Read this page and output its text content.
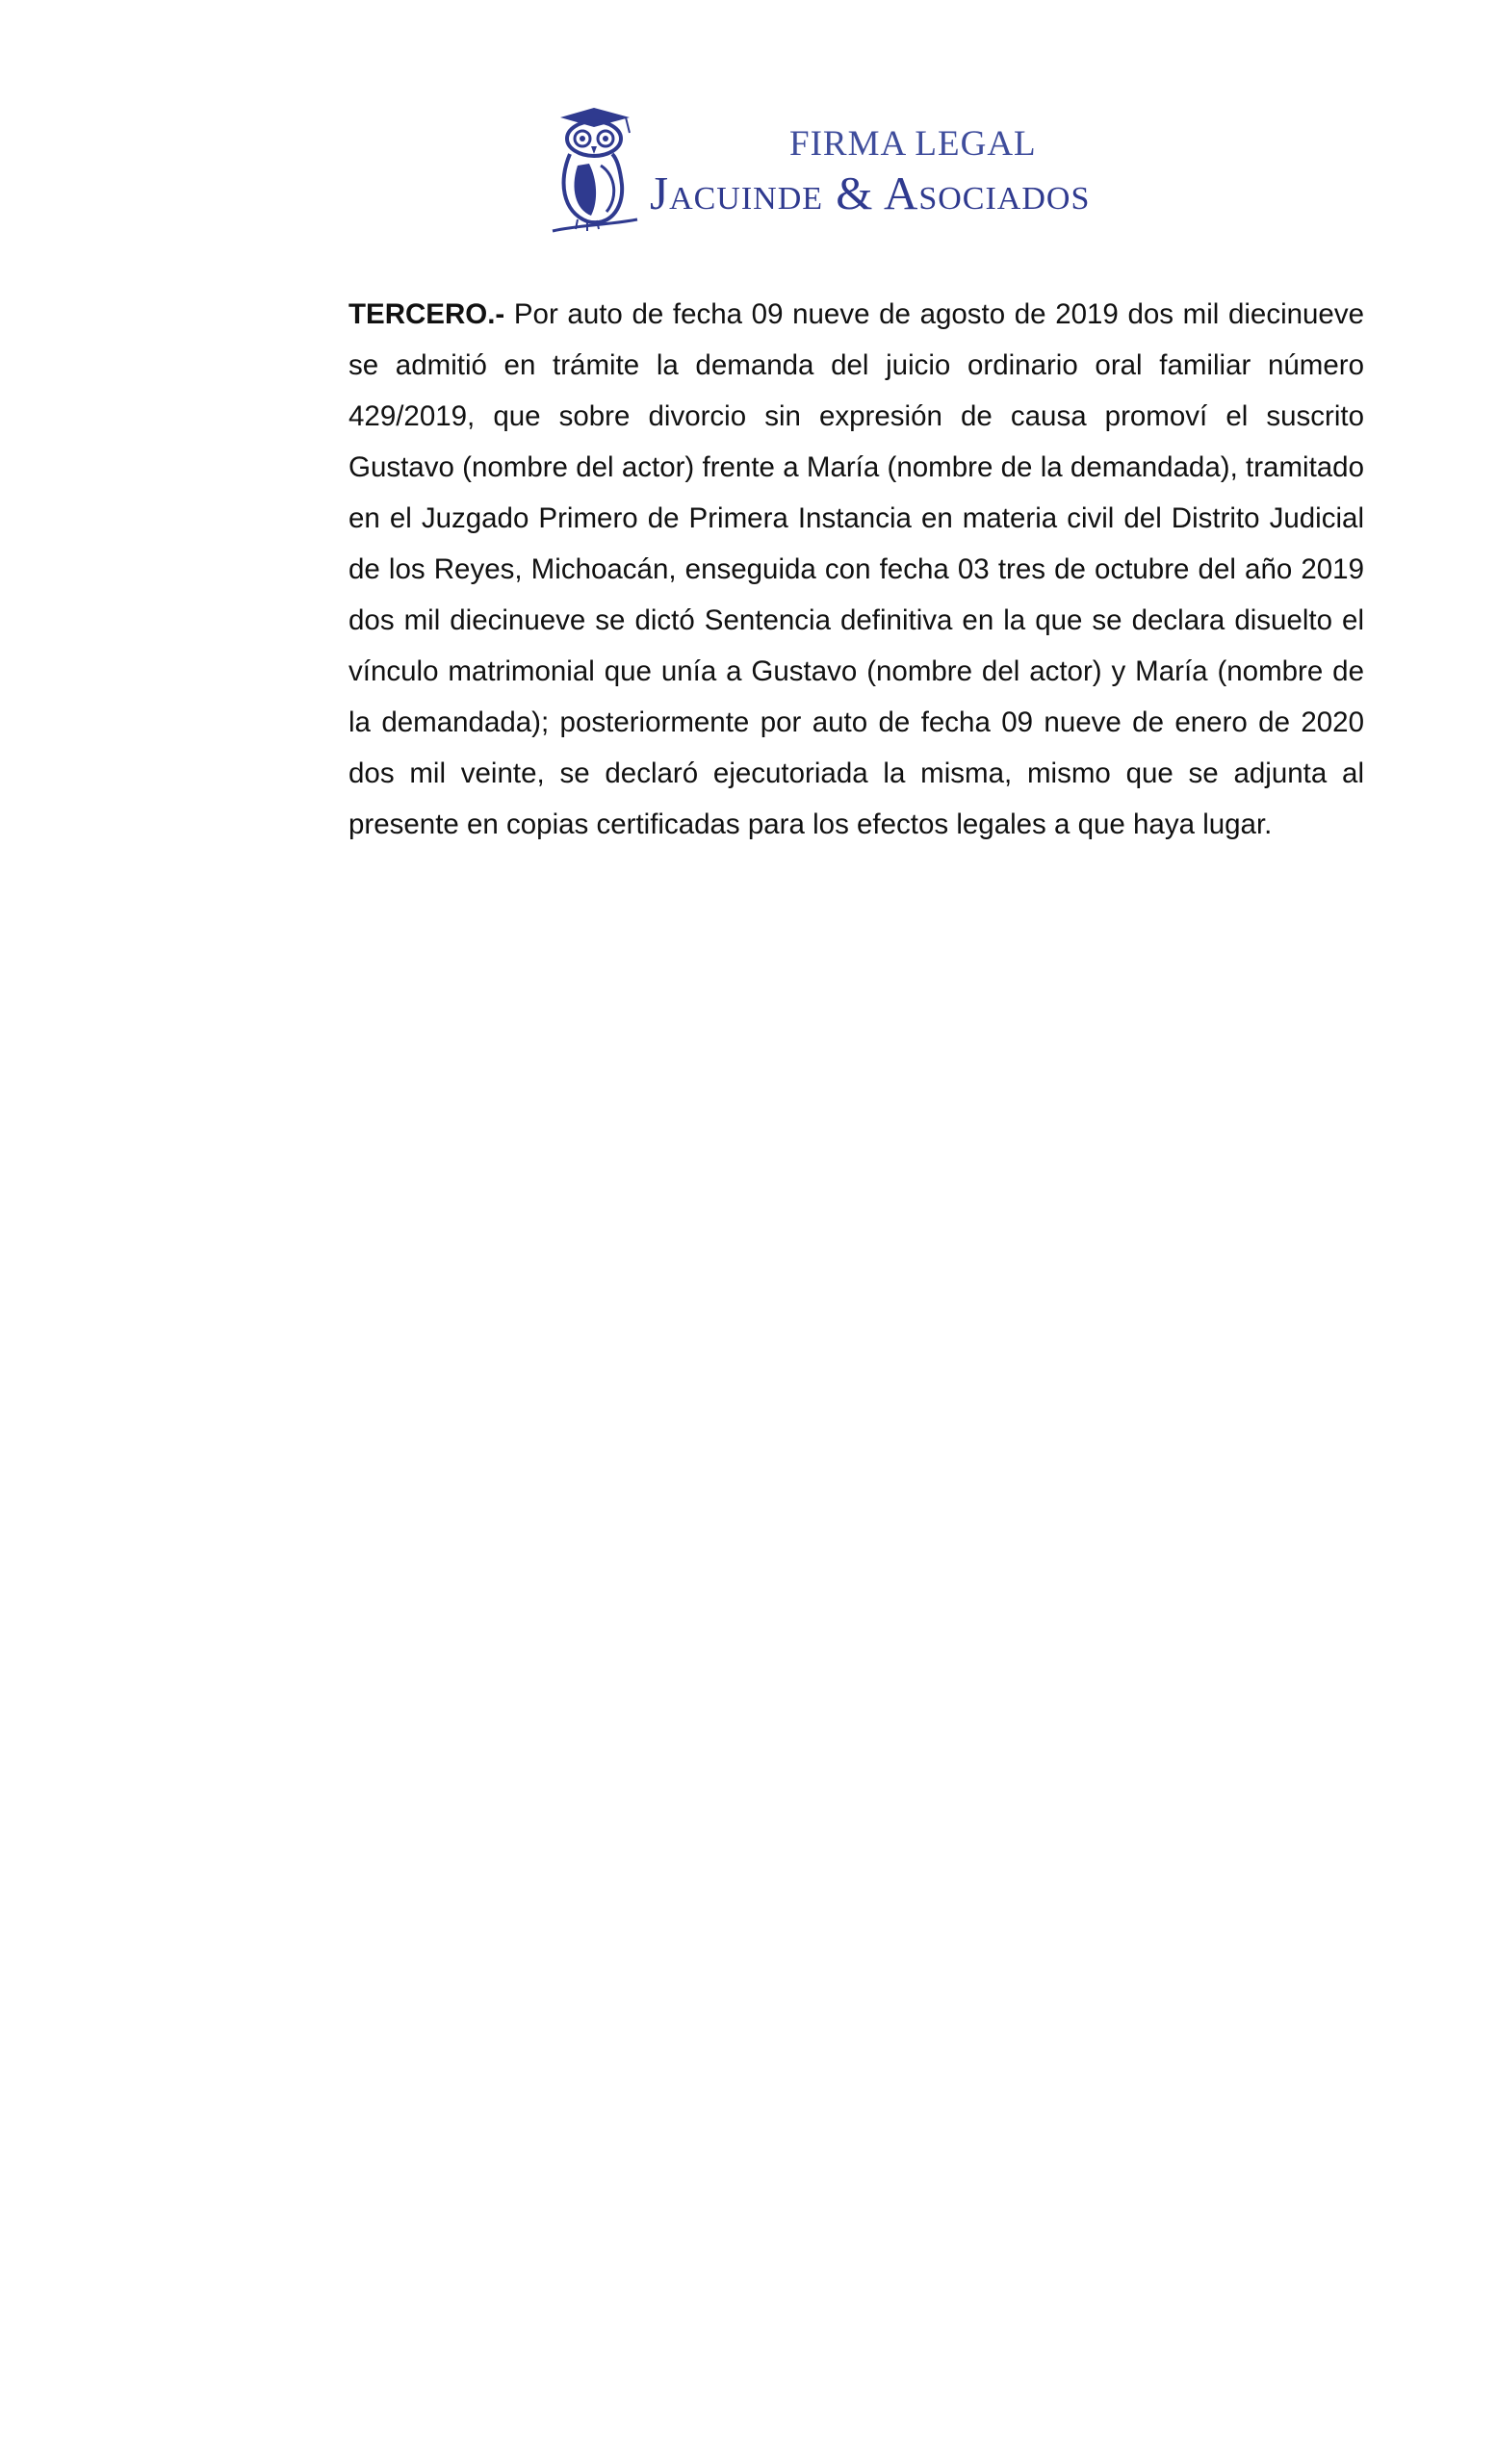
FIRMA LEGAL
Jacuinde & Asociados

TERCERO.- Por auto de fecha 09 nueve de agosto de 2019 dos mil diecinueve se admitió en trámite la demanda del juicio ordinario oral familiar número 429/2019, que sobre divorcio sin expresión de causa promoví el suscrito Gustavo (nombre del actor) frente a María (nombre de la demandada), tramitado en el Juzgado Primero de Primera Instancia en materia civil del Distrito Judicial de los Reyes, Michoacán, enseguida con fecha 03 tres de octubre del año 2019 dos mil diecinueve se dictó Sentencia definitiva en la que se declara disuelto el vínculo matrimonial que unía a Gustavo (nombre del actor) y María (nombre de la demandada); posteriormente por auto de fecha 09 nueve de enero de 2020 dos mil veinte, se declaró ejecutoriada la misma, mismo que se adjunta al presente en copias certificadas para los efectos legales a que haya lugar.
